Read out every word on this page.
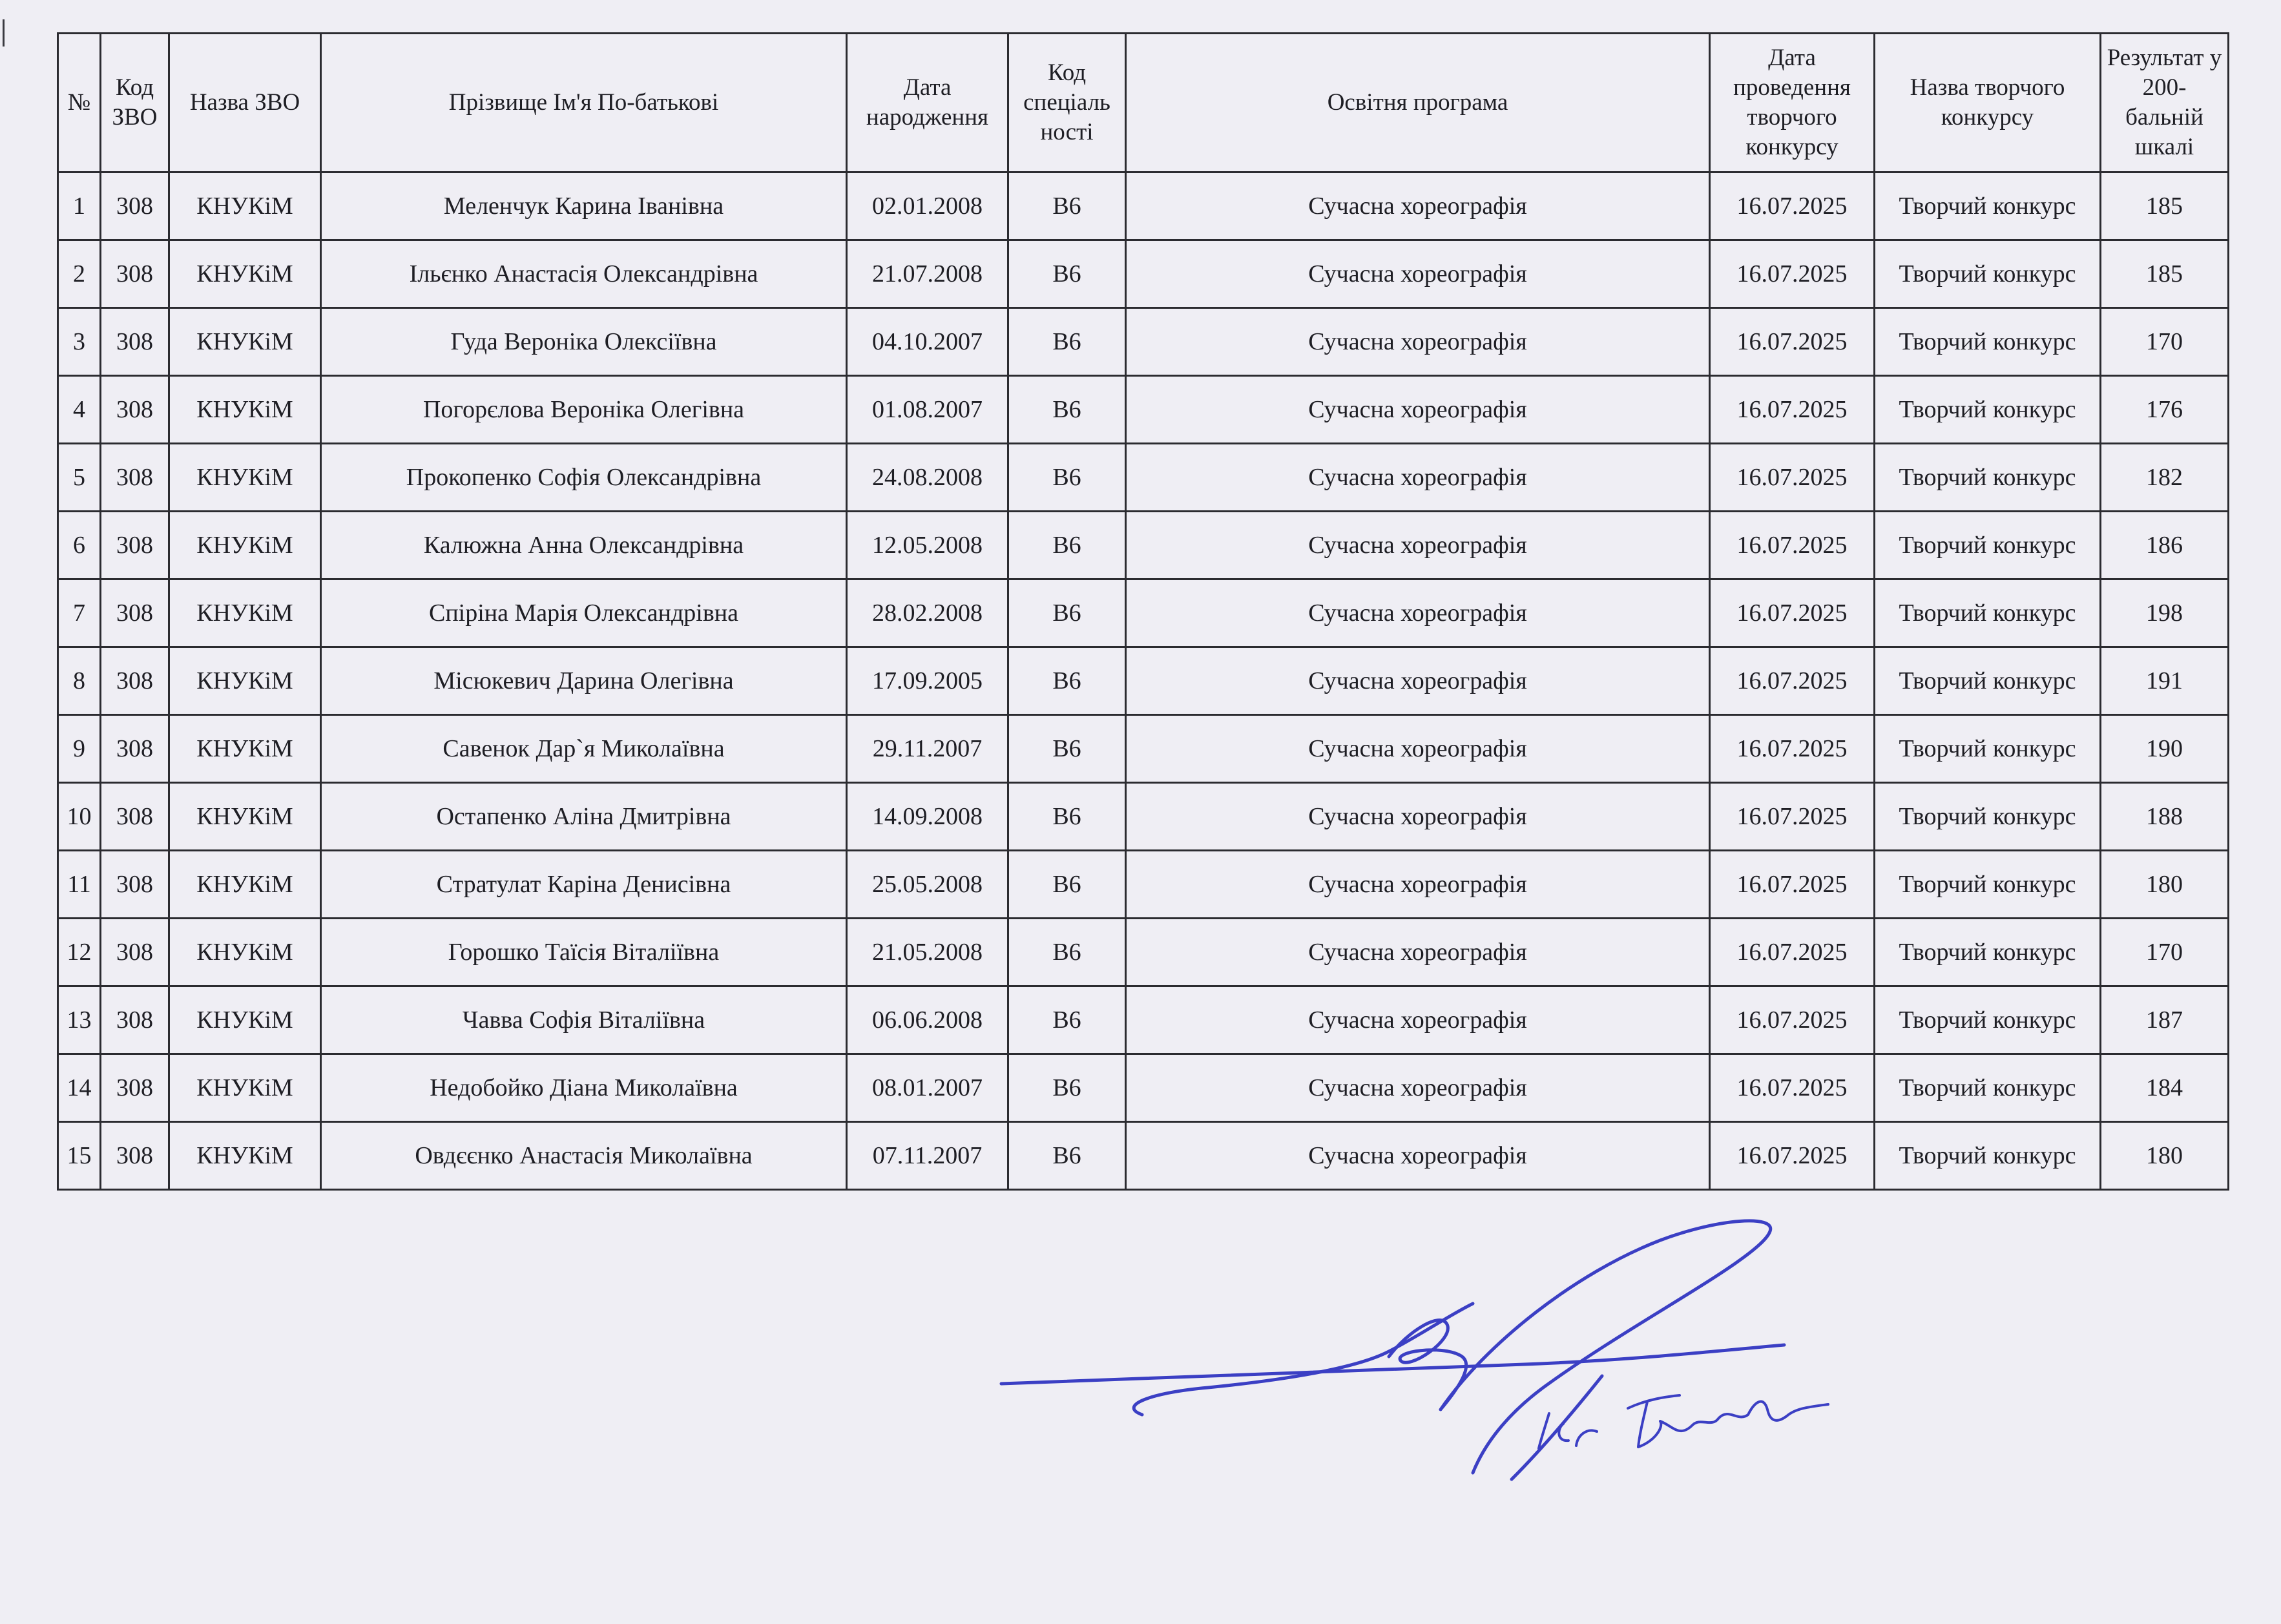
№	Код ЗВО	Назва ЗВО	Прізвище Ім'я По-батькові	Дата народження	Код спеціаль ності	Освітня програма	Дата проведення творчого конкурсу	Назва творчого конкурсу	Результат у 200-бальній шкалі
1	308	КНУКіМ	Меленчук Карина Іванівна	02.01.2008	В6	Сучасна хореографія	16.07.2025	Творчий конкурс	185
2	308	КНУКіМ	Ільєнко Анастасія Олександрівна	21.07.2008	В6	Сучасна хореографія	16.07.2025	Творчий конкурс	185
3	308	КНУКіМ	Гуда Вероніка Олексіївна	04.10.2007	В6	Сучасна хореографія	16.07.2025	Творчий конкурс	170
4	308	КНУКіМ	Погорєлова Вероніка Олегівна	01.08.2007	В6	Сучасна хореографія	16.07.2025	Творчий конкурс	176
5	308	КНУКіМ	Прокопенко Софія Олександрівна	24.08.2008	В6	Сучасна хореографія	16.07.2025	Творчий конкурс	182
6	308	КНУКіМ	Калюжна Анна Олександрівна	12.05.2008	В6	Сучасна хореографія	16.07.2025	Творчий конкурс	186
7	308	КНУКіМ	Спіріна Марія Олександрівна	28.02.2008	В6	Сучасна хореографія	16.07.2025	Творчий конкурс	198
8	308	КНУКіМ	Місюкевич Дарина Олегівна	17.09.2005	В6	Сучасна хореографія	16.07.2025	Творчий конкурс	191
9	308	КНУКіМ	Савенок Дар`я Миколаївна	29.11.2007	В6	Сучасна хореографія	16.07.2025	Творчий конкурс	190
10	308	КНУКіМ	Остапенко Аліна Дмитрівна	14.09.2008	В6	Сучасна хореографія	16.07.2025	Творчий конкурс	188
11	308	КНУКіМ	Стратулат Каріна Денисівна	25.05.2008	В6	Сучасна хореографія	16.07.2025	Творчий конкурс	180
12	308	КНУКіМ	Горошко Таїсія Віталіївна	21.05.2008	В6	Сучасна хореографія	16.07.2025	Творчий конкурс	170
13	308	КНУКіМ	Чавва Софія Віталіївна	06.06.2008	В6	Сучасна хореографія	16.07.2025	Творчий конкурс	187
14	308	КНУКіМ	Недобойко Діана Миколаївна	08.01.2007	В6	Сучасна хореографія	16.07.2025	Творчий конкурс	184
15	308	КНУКіМ	Овдєєнко Анастасія Миколаївна	07.11.2007	В6	Сучасна хореографія	16.07.2025	Творчий конкурс	180
